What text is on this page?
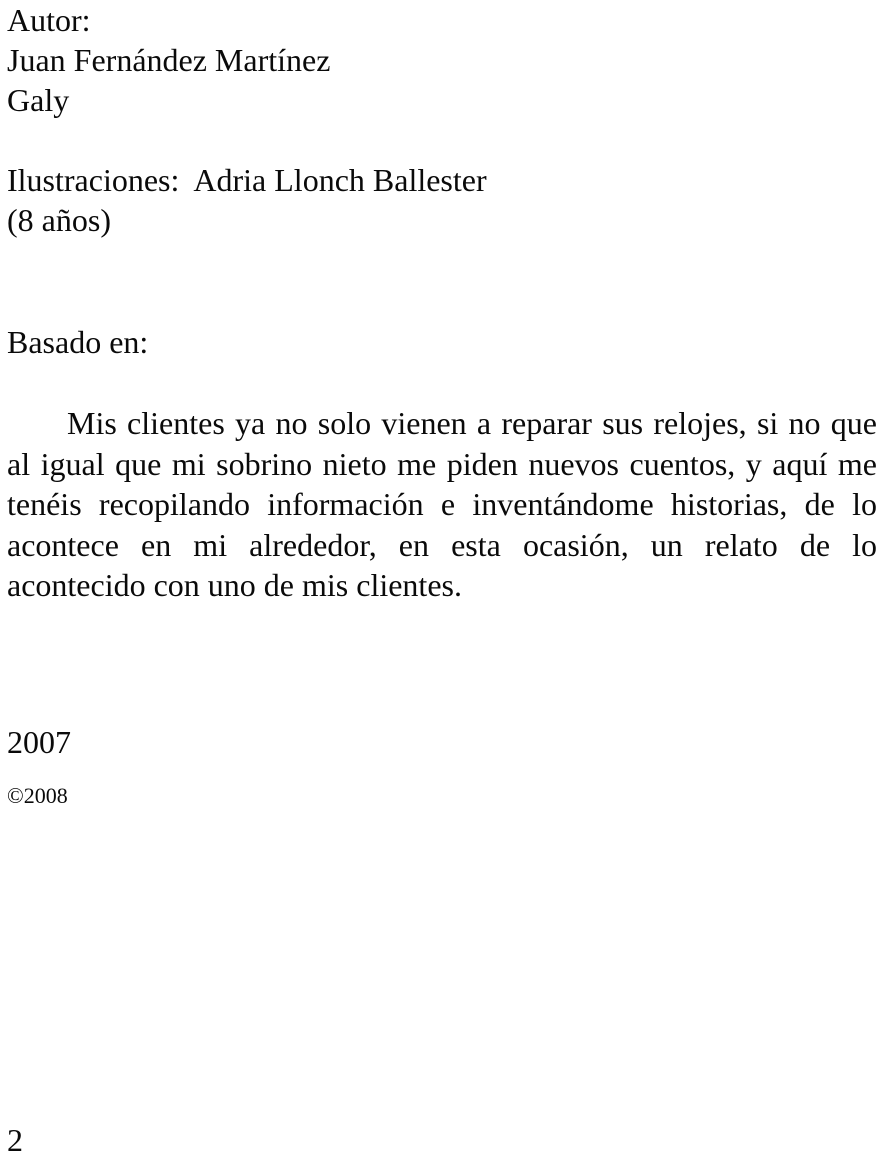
Autor:
Juan Fernández Martínez
Galy
Ilustraciones: Adria Llonch Ballester
(8 años)
Basado en:
Mis clientes ya no solo vienen a reparar sus relojes, si no que al igual que mi sobrino nieto me piden nuevos cuentos, y aquí me tenéis recopilando información e inventándome historias, de lo acontece en mi alrededor, en esta ocasión, un relato de lo acontecido con uno de mis clientes.
2007
©2008
2
